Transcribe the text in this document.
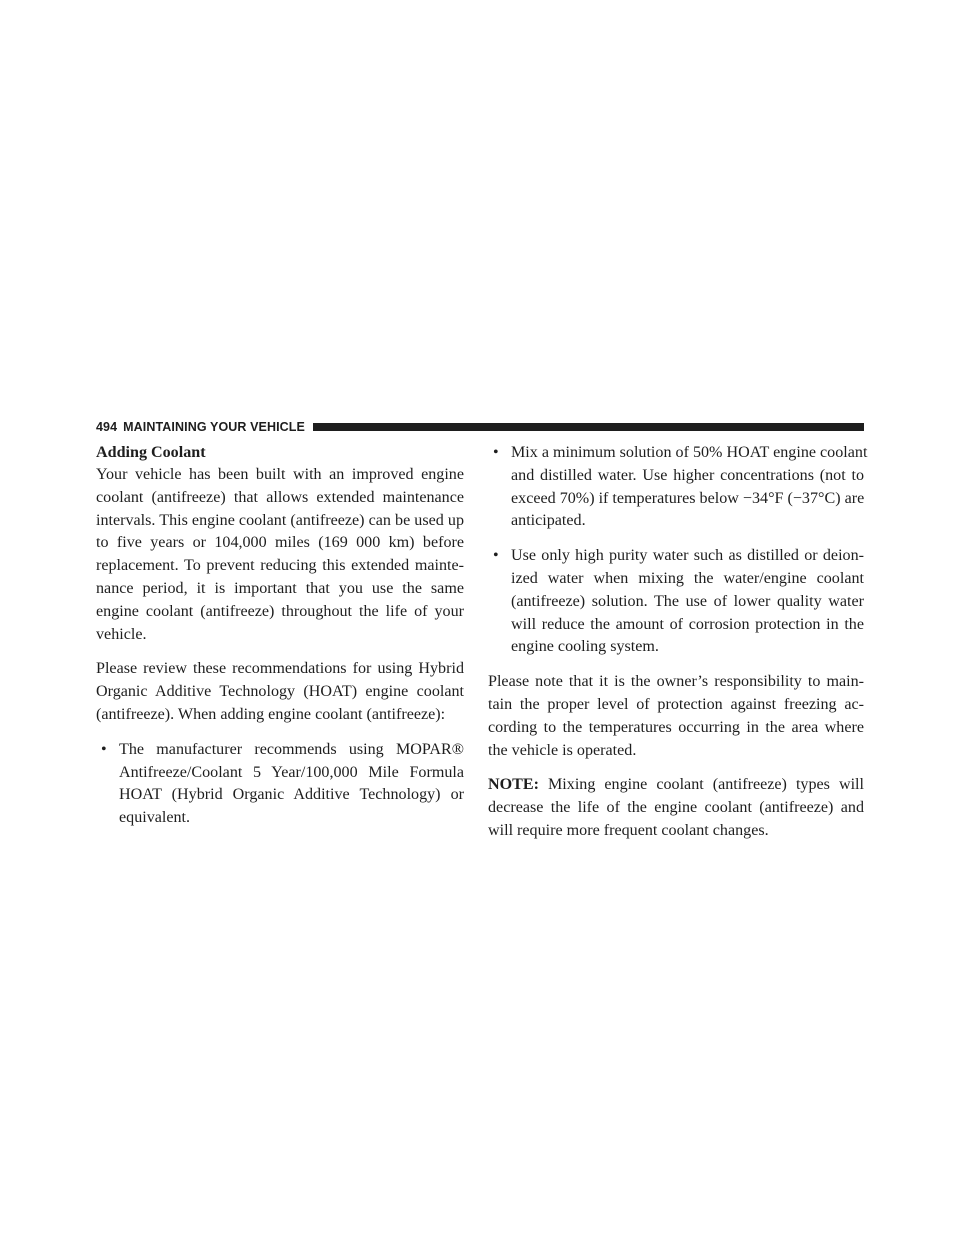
494 MAINTAINING YOUR VEHICLE
Adding Coolant
Your vehicle has been built with an improved engine
coolant (antifreeze) that allows extended maintenance
intervals. This engine coolant (antifreeze) can be used up
to five years or 104,000 miles (169 000 km) before
replacement. To prevent reducing this extended mainte-
nance period, it is important that you use the same
engine coolant (antifreeze) throughout the life of your
vehicle.
Please review these recommendations for using Hybrid
Organic Additive Technology (HOAT) engine coolant
(antifreeze). When adding engine coolant (antifreeze):
• The manufacturer recommends using MOPAR®
Antifreeze/Coolant 5 Year/100,000 Mile Formula
HOAT (Hybrid Organic Additive Technology) or
equivalent.
• Mix a minimum solution of 50% HOAT engine coolant
and distilled water. Use higher concentrations (not to
exceed 70%) if temperatures below −34°F (−37°C) are
anticipated.
• Use only high purity water such as distilled or deion-
ized water when mixing the water/engine coolant
(antifreeze) solution. The use of lower quality water
will reduce the amount of corrosion protection in the
engine cooling system.
Please note that it is the owner’s responsibility to main-
tain the proper level of protection against freezing ac-
cording to the temperatures occurring in the area where
the vehicle is operated.
NOTE: Mixing engine coolant (antifreeze) types will
decrease the life of the engine coolant (antifreeze) and
will require more frequent coolant changes.
